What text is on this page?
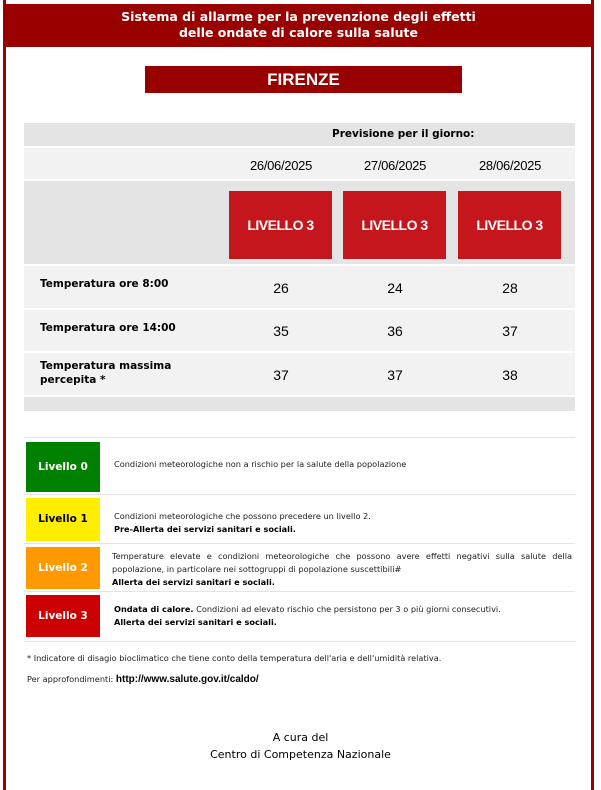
Sistema di allarme per la prevenzione degli effetti
delle ondate di calore sulla salute
FIRENZE
Previsione per il giorno:
26/06/2025	27/06/2025	28/06/2025
LIVELLO 3	LIVELLO 3	LIVELLO 3
Temperatura ore 8:00	26	24	28
Temperatura ore 14:00	35	36	37
Temperatura massima
percepita *	37	37	38
Livello 0	Condizioni meteorologiche non a rischio per la salute della popolazione
Livello 1	Condizioni meteorologiche che possono precedere un livello 2.
Pre-Allerta dei servizi sanitari e sociali.
Livello 2
Temperature elevate e condizioni meteorologiche che possono avere effetti negativi sulla salute della popolazione, in particolare nei sottogruppi di popolazione suscettibili#
Allerta dei servizi sanitari e sociali.
Livello 3
Ondata di calore. Condizioni ad elevato rischio che persistono per 3 o più giorni consecutivi.
Allerta dei servizi sanitari e sociali.
* Indicatore di disagio bioclimatico che tiene conto della temperatura dell'aria e dell'umidità relativa.
Per approfondimenti: http://www.salute.gov.it/caldo/
A cura del
Centro di Competenza Nazionale
